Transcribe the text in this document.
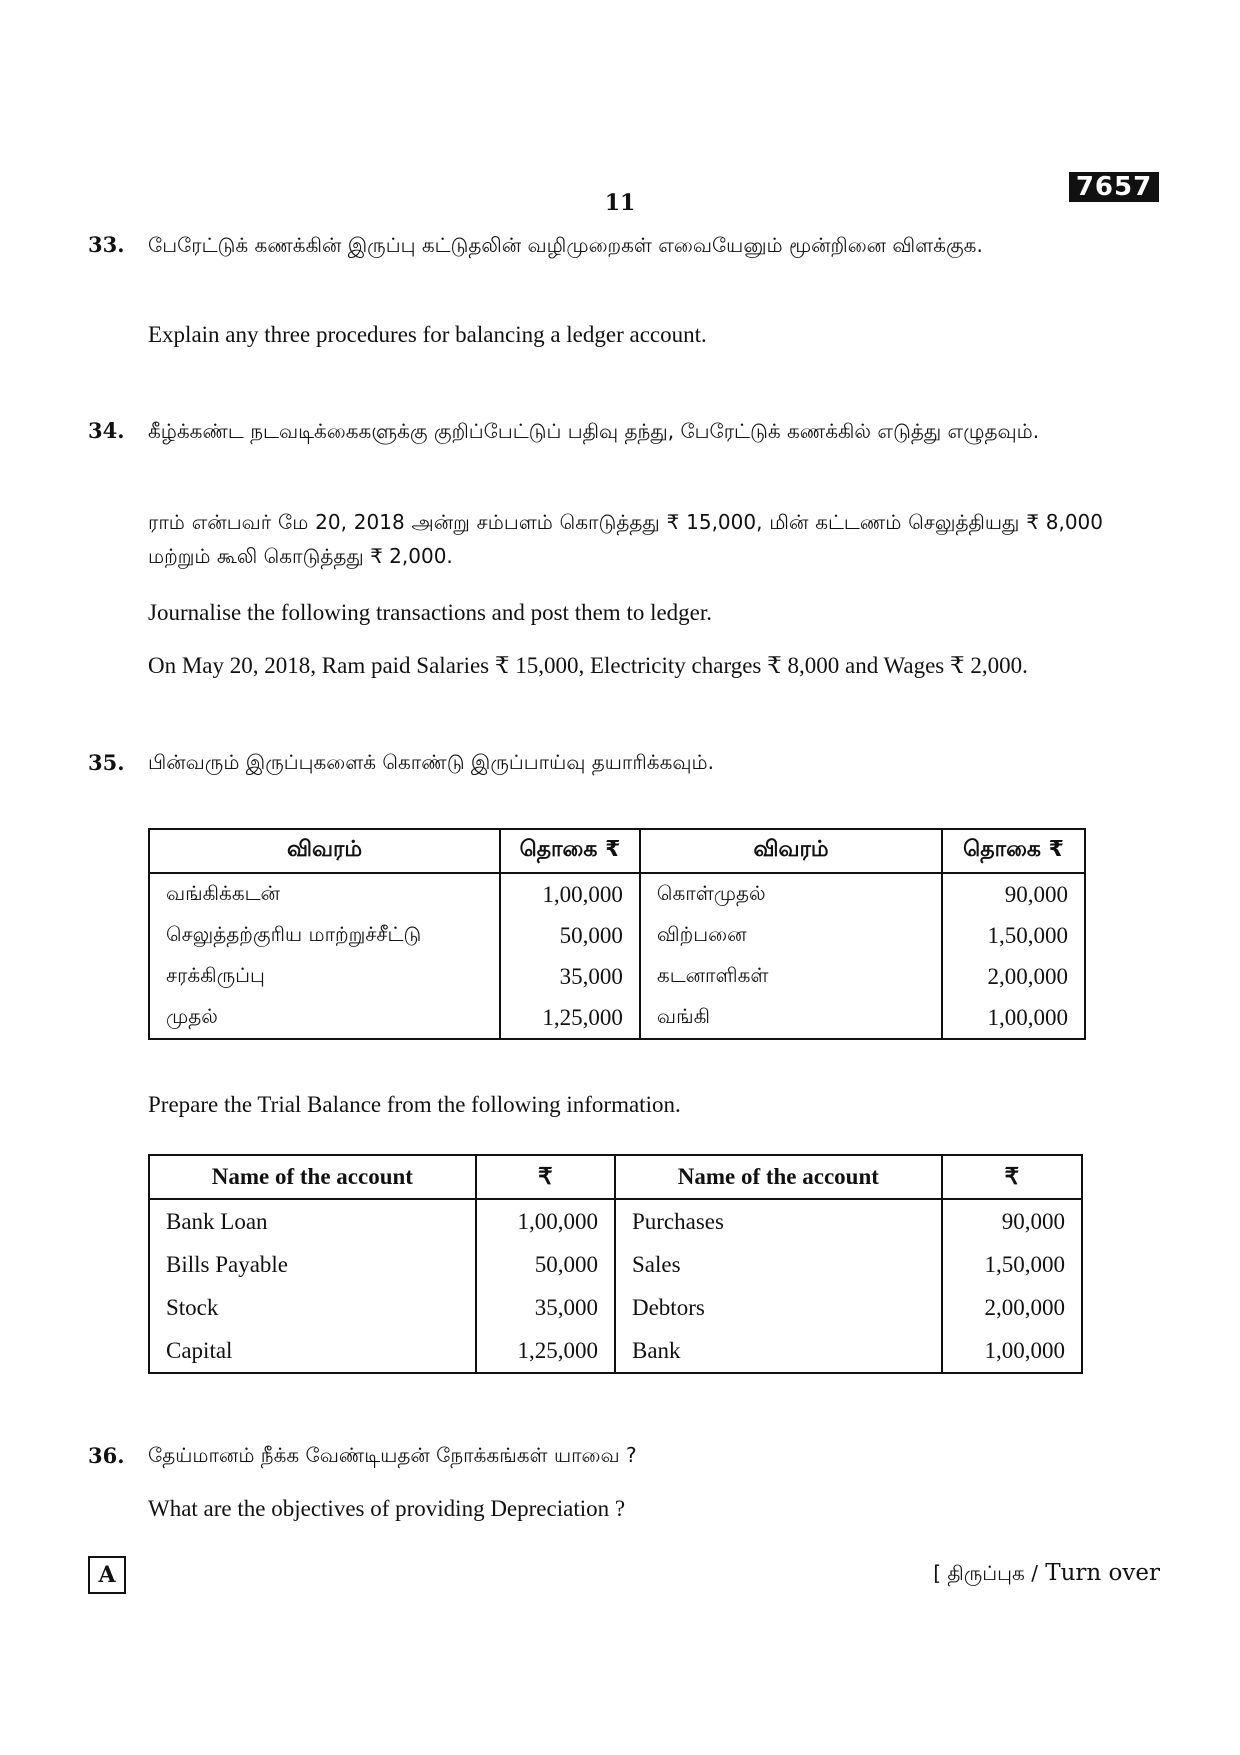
7657
11
33. பேரேட்டுக் கணக்கின் இருப்பு கட்டுதலின் வழிமுறைகள் எவையேனும் மூன்றினை விளக்குக.
Explain any three procedures for balancing a ledger account.
34. கீழ்க்கண்ட நடவடிக்கைகளுக்கு குறிப்பேட்டுப் பதிவு தந்து, பேரேட்டுக் கணக்கில் எடுத்து எழுதவும்.
ராம் என்பவர் மே 20, 2018 அன்று சம்பளம் கொடுத்தது ₹ 15,000, மின் கட்டணம் செலுத்தியது ₹ 8,000 மற்றும் கூலி கொடுத்தது ₹ 2,000.
Journalise the following transactions and post them to ledger.
On May 20, 2018, Ram paid Salaries ₹ 15,000, Electricity charges ₹ 8,000 and Wages ₹ 2,000.
35. பின்வரும் இருப்புகளைக் கொண்டு இருப்பாய்வு தயாரிக்கவும்.
விவரம்	தொகை ₹	விவரம்	தொகை ₹
வங்கிக்கடன்	1,00,000	கொள்முதல்	90,000
செலுத்தற்குரிய மாற்றுச்சீட்டு	50,000	விற்பனை	1,50,000
சரக்கிருப்பு	35,000	கடனாளிகள்	2,00,000
முதல்	1,25,000	வங்கி	1,00,000
Prepare the Trial Balance from the following information.
Name of the account	₹	Name of the account	₹
Bank Loan	1,00,000	Purchases	90,000
Bills Payable	50,000	Sales	1,50,000
Stock	35,000	Debtors	2,00,000
Capital	1,25,000	Bank	1,00,000
36. தேய்மானம் நீக்க வேண்டியதன் நோக்கங்கள் யாவை ?
What are the objectives of providing Depreciation ?
A	[ திருப்புக / Turn over
